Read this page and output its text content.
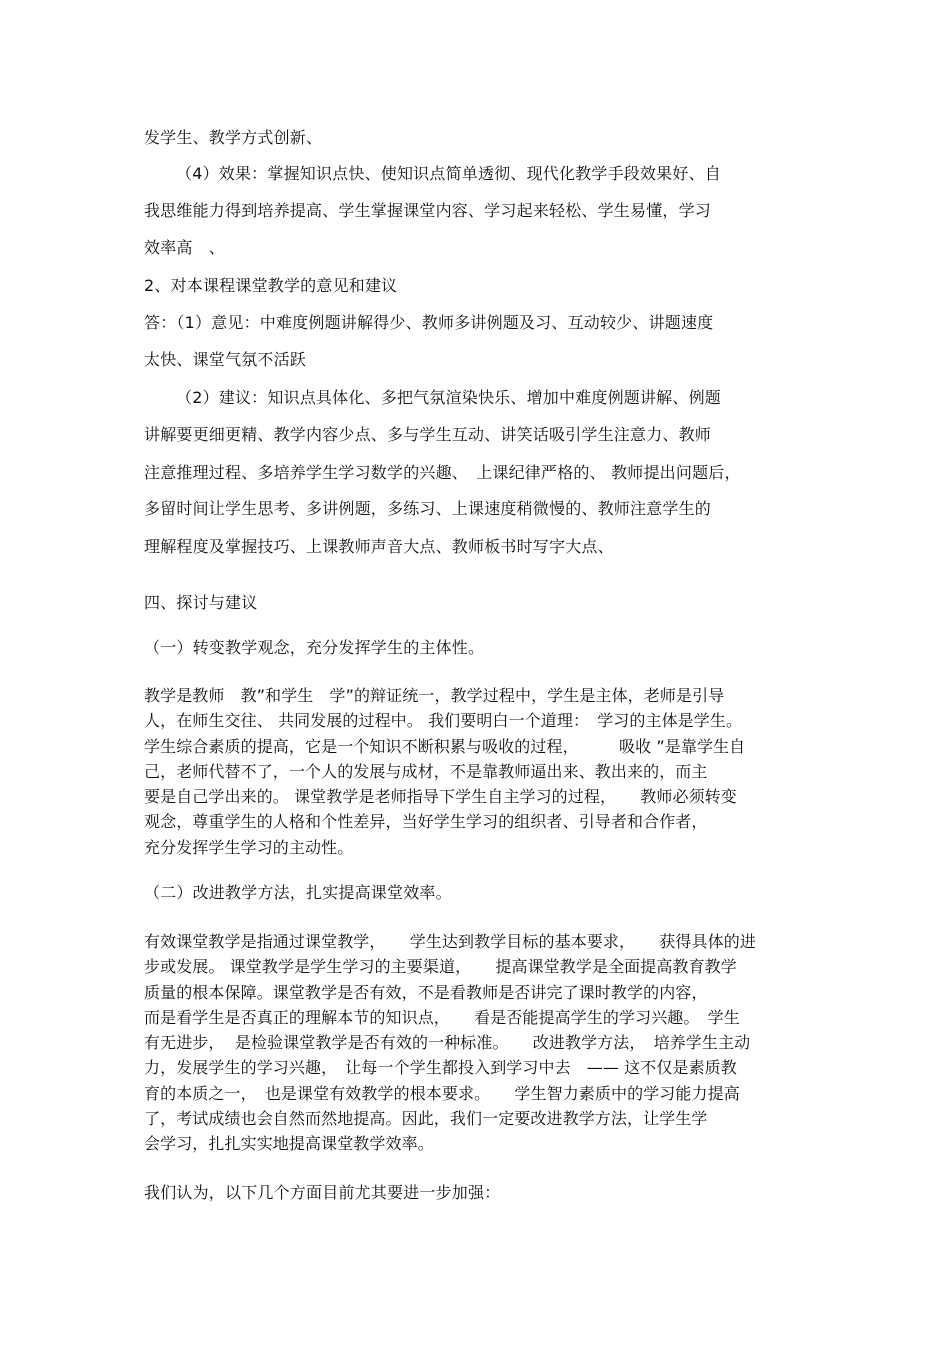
发学生、教学方式创新、
（4）效果：掌握知识点快、使知识点简单透彻、现代化教学手段效果好、自
我思维能力得到培养提高、学生掌握课堂内容、学习起来轻松、学生易懂，学习
效率高　、
2、对本课程课堂教学的意见和建议
答：（1）意见：中难度例题讲解得少、教师多讲例题及习、互动较少、讲题速度
太快、课堂气氛不活跃
（2）建议：知识点具体化、多把气氛渲染快乐、增加中难度例题讲解、例题
讲解要更细更精、教学内容少点、多与学生互动、讲笑话吸引学生注意力、教师
注意推理过程、多培养学生学习数学的兴趣、　上课纪律严格的、 教师提出问题后，
多留时间让学生思考、多讲例题，多练习、上课速度稍微慢的、教师注意学生的
理解程度及掌握技巧、上课教师声音大点、教师板书时写字大点、
四、探讨与建议
（一）转变教学观念，充分发挥学生的主体性。
教学是教师　教”和学生　学”的辩证统一，教学过程中，学生是主体，老师是引导
人，在师生交往、 共同发展的过程中。 我们要明白一个道理：　学习的主体是学生。
学生综合素质的提高，它是一个知识不断积累与吸收的过程，　　　吸收 ”是靠学生自
己，老师代替不了，一个人的发展与成材，不是靠教师逼出来、教出来的，而主
要是自己学出来的。 课堂教学是老师指导下学生自主学习的过程，　　教师必须转变
观念，尊重学生的人格和个性差异，当好学生学习的组织者、引导者和合作者，
充分发挥学生学习的主动性。
（二）改进教学方法，扎实提高课堂效率。
有效课堂教学是指通过课堂教学，　　学生达到教学目标的基本要求，　　获得具体的进
步或发展。 课堂教学是学生学习的主要渠道，　　提高课堂教学是全面提高教育教学
质量的根本保障。课堂教学是否有效，不是看教师是否讲完了课时教学的内容，
而是看学生是否真正的理解本节的知识点，　　看是否能提高学生的学习兴趣。　学生
有无进步，  是检验课堂教学是否有效的一种标准。　　改进教学方法，　培养学生主动
力，发展学生的学习兴趣，　让每一个学生都投入到学习中去　—— 这不仅是素质教
育的本质之一，　也是课堂有效教学的根本要求。　　学生智力素质中的学习能力提高
了，考试成绩也会自然而然地提高。因此，我们一定要改进教学方法，让学生学
会学习，扎扎实实地提高课堂教学效率。
我们认为，以下几个方面目前尤其要进一步加强：
